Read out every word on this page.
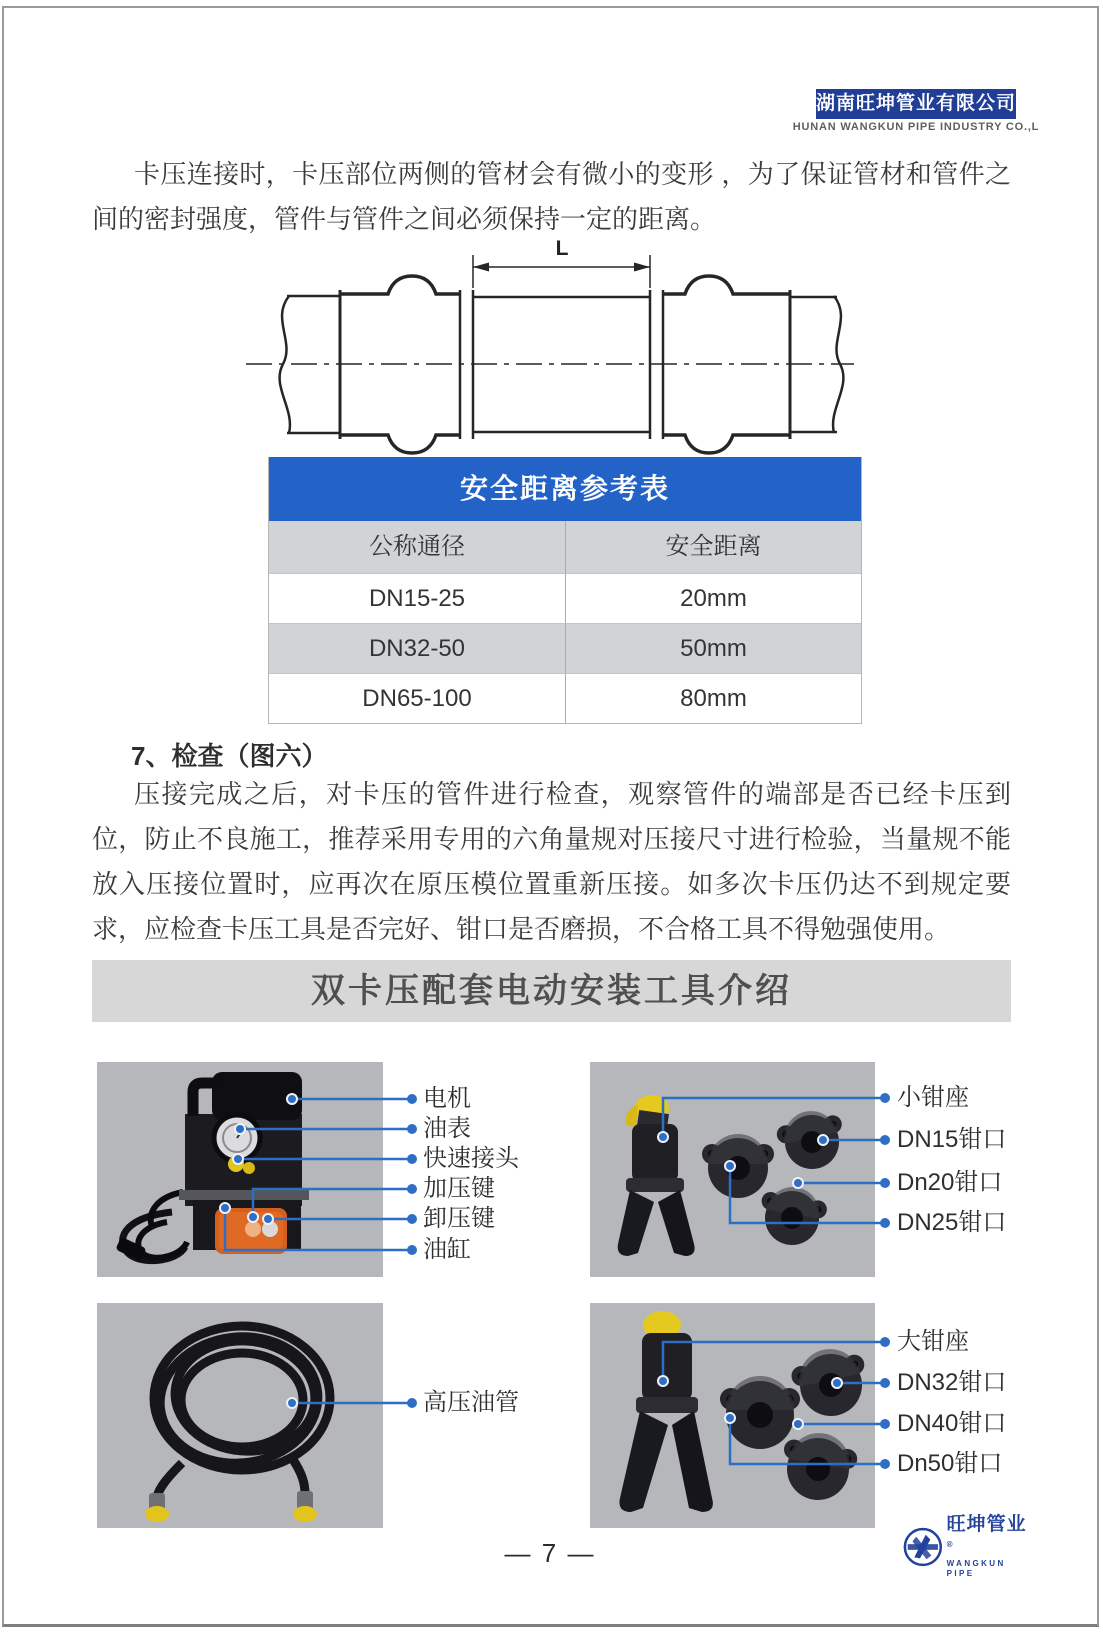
湖南旺坤管业有限公司
HUNAN WANGKUN PIPE INDUSTRY CO.,L
卡压连接时，卡压部位两侧的管材会有微小的变形 ，为了保证管材和管件之间的密封强度，管件与管件之间必须保持一定的距离。
L
安全距离参考表
公称通径	安全距离
DN15-25	20mm
DN32-50	50mm
DN65-100	80mm
7、检查（图六）
压接完成之后，对卡压的管件进行检查，观察管件的端部是否已经卡压到位，防止不良施工，推荐采用专用的六角量规对压接尺寸进行检验，当量规不能放入压接位置时，应再次在原压模位置重新压接。如多次卡压仍达不到规定要求，应检查卡压工具是否完好、钳口是否磨损，不合格工具不得勉强使用。
双卡压配套电动安装工具介绍
电机
油表
快速接头
加压键
卸压键
油缸
小钳座
DN15钳口
Dn20钳口
DN25钳口
高压油管
大钳座
DN32钳口
DN40钳口
Dn50钳口
— 7 —
旺坤管业®
WANGKUN PIPE
